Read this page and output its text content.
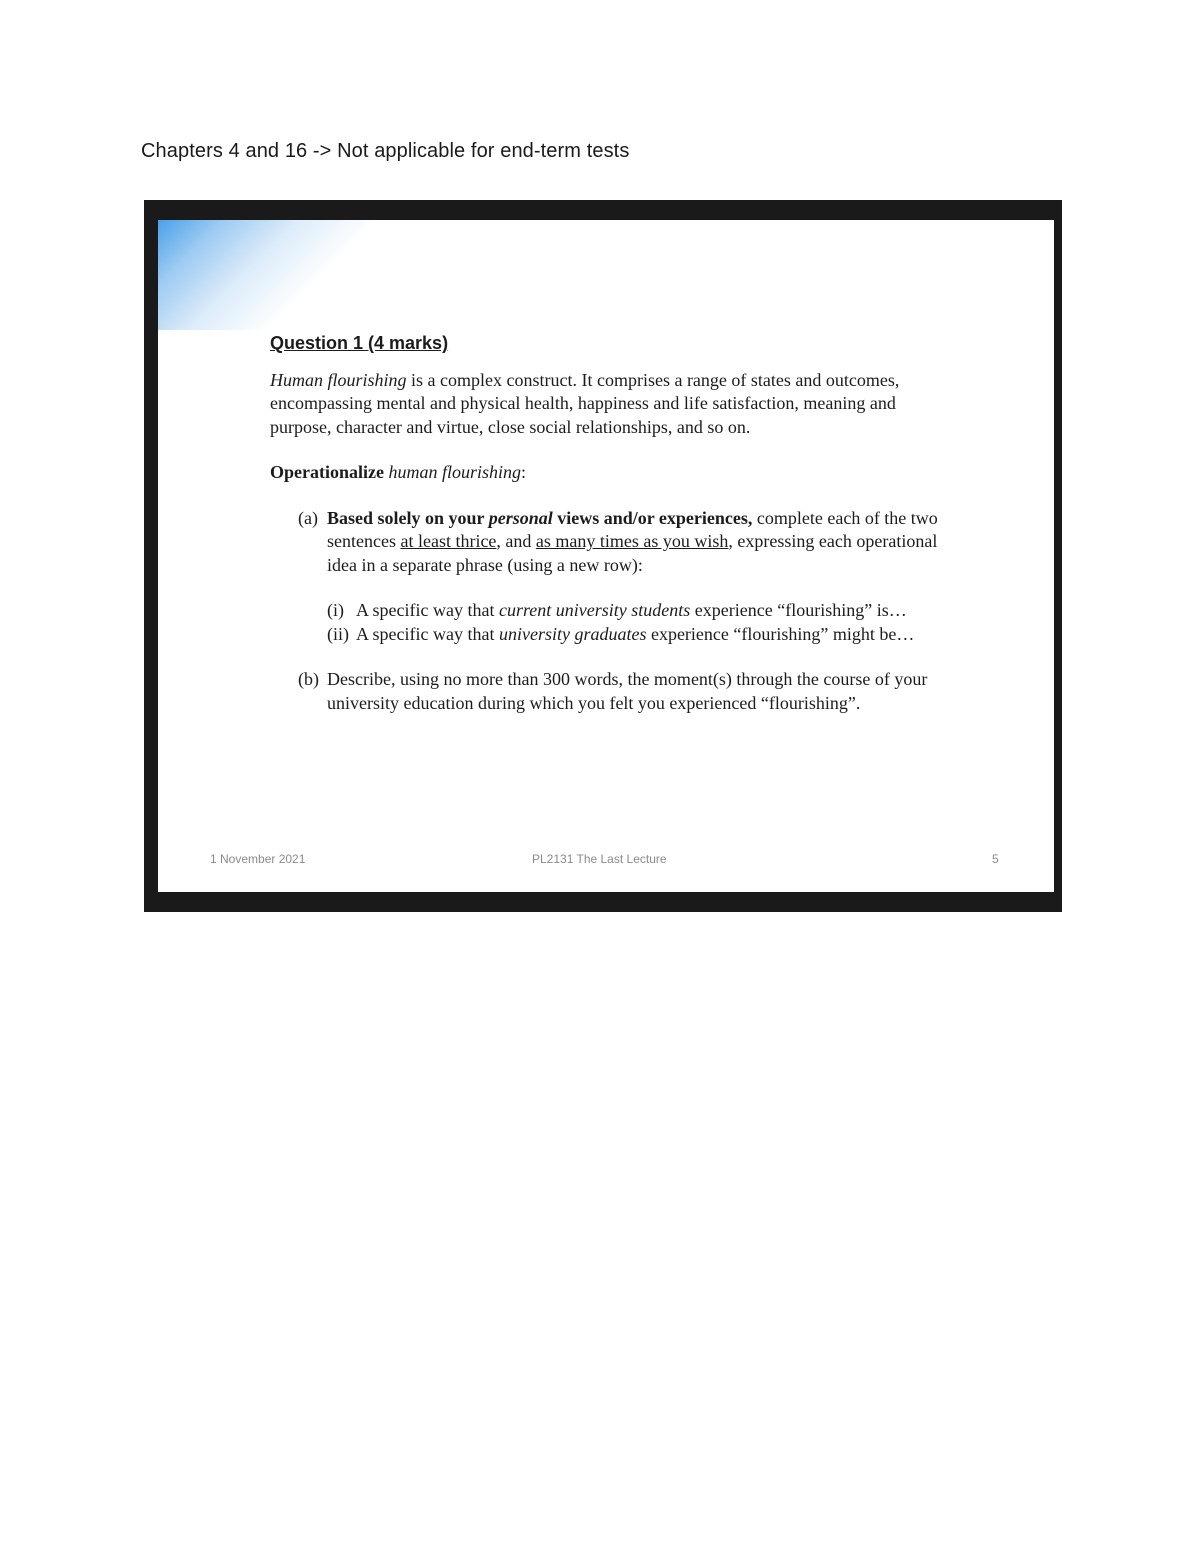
Chapters 4 and 16 -> Not applicable for end-term tests
Question 1 (4 marks)

Human flourishing is a complex construct. It comprises a range of states and outcomes, encompassing mental and physical health, happiness and life satisfaction, meaning and purpose, character and virtue, close social relationships, and so on.

Operationalize human flourishing:

(a) Based solely on your personal views and/or experiences, complete each of the two sentences at least thrice, and as many times as you wish, expressing each operational idea in a separate phrase (using a new row):
(i) A specific way that current university students experience “flourishing” is…
(ii) A specific way that university graduates experience “flourishing” might be…
(b) Describe, using no more than 300 words, the moment(s) through the course of your university education during which you felt you experienced “flourishing”.
1 November 2021	PL2131 The Last Lecture	5
